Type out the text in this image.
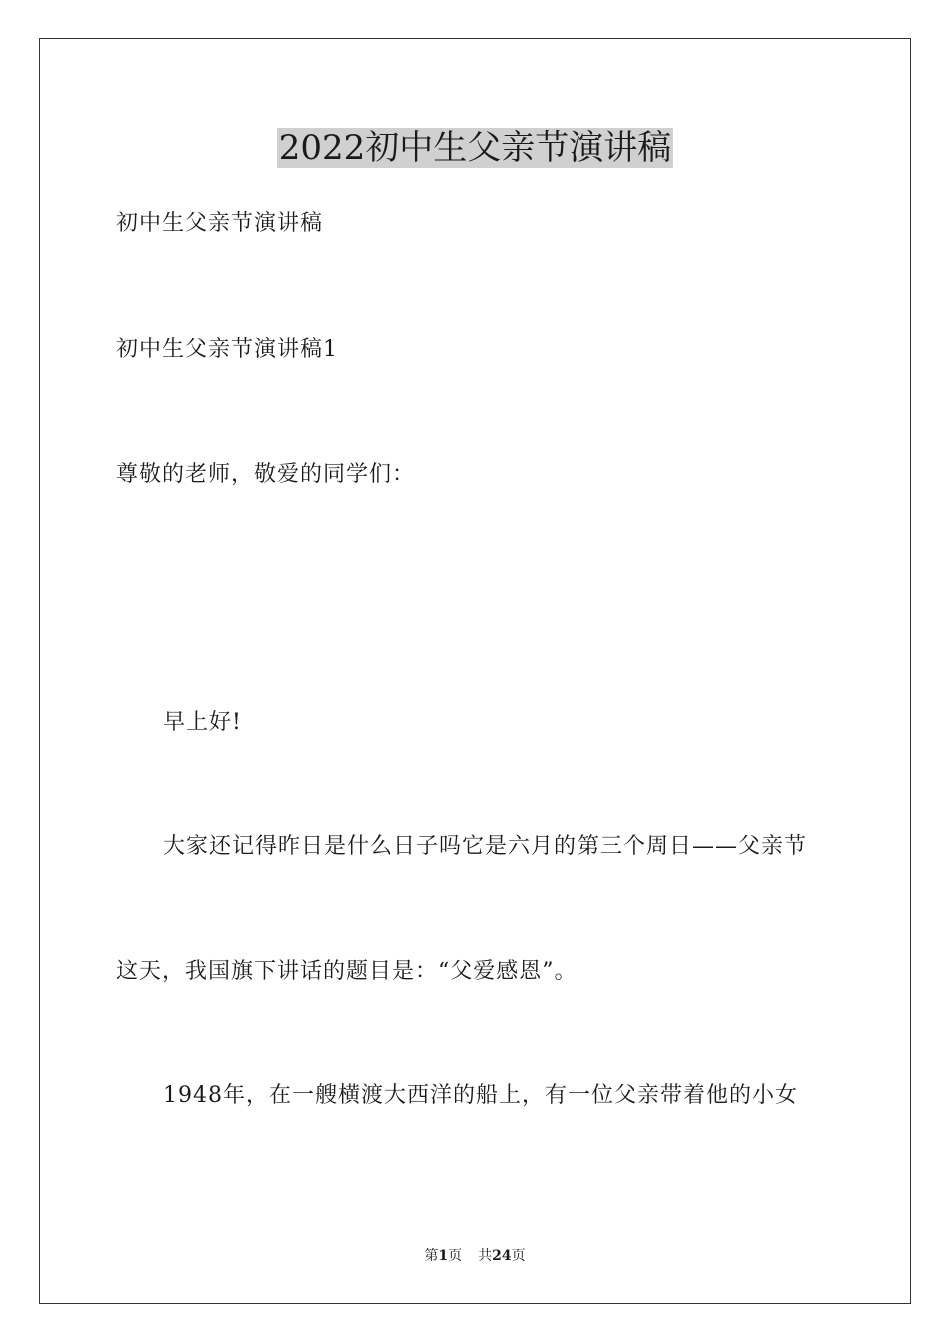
2022初中生父亲节演讲稿
初中生父亲节演讲稿
初中生父亲节演讲稿1
尊敬的老师，敬爱的同学们：
早上好!
大家还记得昨日是什么日子吗它是六月的第三个周日——父亲节
这天，我国旗下讲话的题目是：“父爱感恩”。
1948年，在一艘横渡大西洋的船上，有一位父亲带着他的小女
第1页 共24页
